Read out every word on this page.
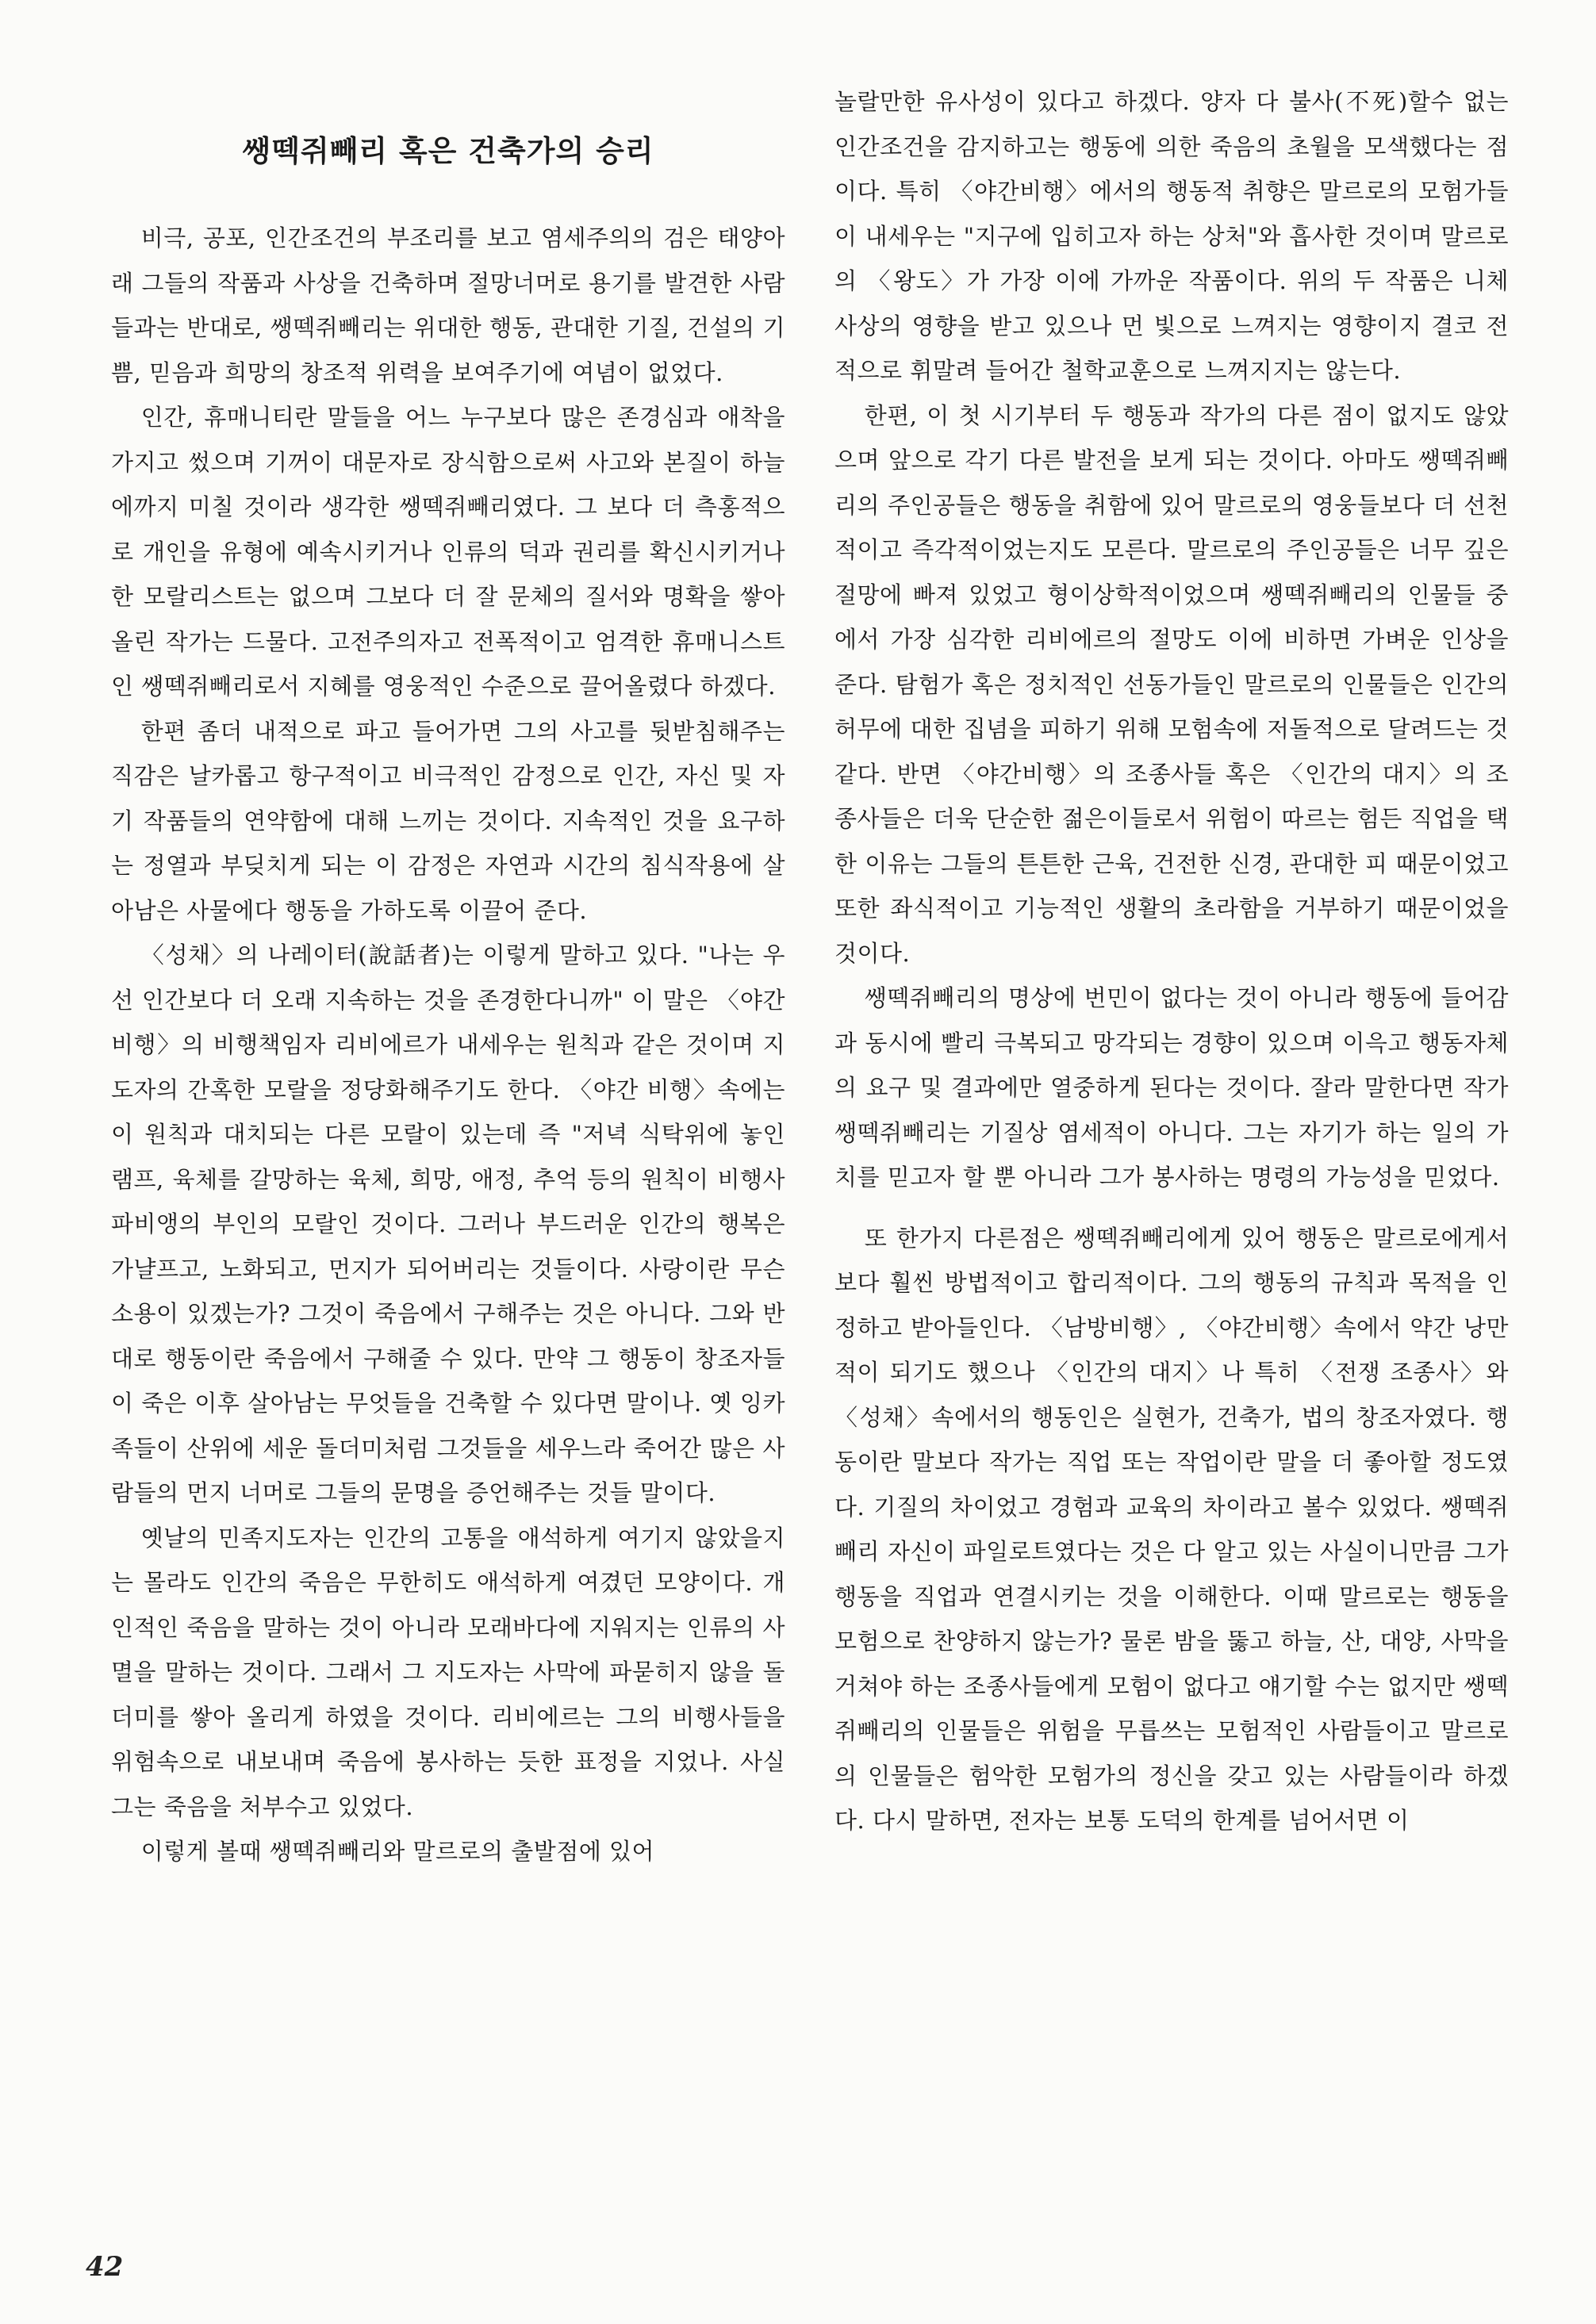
쌩떽쥐빼리 혹은 건축가의 승리

비극, 공포, 인간조건의 부조리를 보고 염세주의의 검은 태양아래 그들의 작품과 사상을 건축하며 절망너머로 용기를 발견한 사람들과는 반대로, 쌩떽쥐빼리는 위대한 행동, 관대한 기질, 건설의 기쁨, 믿음과 희망의 창조적 위력을 보여주기에 여념이 없었다.

인간, 휴매니티란 말들을 어느 누구보다 많은 존경심과 애착을 가지고 썼으며 기꺼이 대문자로 장식함으로써 사고와 본질이 하늘에까지 미칠 것이라 생각한 쌩떽쥐빼리였다. 그 보다 더 측홍적으로 개인을 유형에 예속시키거나 인류의 덕과 권리를 확신시키거나 한 모랄리스트는 없으며 그보다 더 잘 문체의 질서와 명확을 쌓아올린 작가는 드물다. 고전주의자고 전폭적이고 엄격한 휴매니스트인 쌩떽쥐빼리로서 지혜를 영웅적인 수준으로 끌어올렸다 하겠다.

한편 좀더 내적으로 파고 들어가면 그의 사고를 뒷받침해주는 직감은 날카롭고 항구적이고 비극적인 감정으로 인간, 자신 및 자기 작품들의 연약함에 대해 느끼는 것이다. 지속적인 것을 요구하는 정열과 부딪치게 되는 이 감정은 자연과 시간의 침식작용에 살아남은 사물에다 행동을 가하도록 이끌어 준다.

〈성채〉의 나레이터(說話者)는 이렇게 말하고 있다. "나는 우선 인간보다 더 오래 지속하는 것을 존경한다니까" 이 말은 〈야간비행〉의 비행책임자 리비에르가 내세우는 원칙과 같은 것이며 지도자의 간혹한 모랄을 정당화해주기도 한다. 〈야간 비행〉속에는 이 원칙과 대치되는 다른 모랄이 있는데 즉 "저녁 식탁위에 놓인 램프, 육체를 갈망하는 육체, 희망, 애정, 추억 등의 원칙이 비행사 파비앵의 부인의 모랄인 것이다. 그러나 부드러운 인간의 행복은 가냘프고, 노화되고, 먼지가 되어버리는 것들이다. 사랑이란 무슨 소용이 있겠는가? 그것이 죽음에서 구해주는 것은 아니다. 그와 반대로 행동이란 죽음에서 구해줄 수 있다. 만약 그 행동이 창조자들이 죽은 이후 살아남는 무엇들을 건축할 수 있다면 말이나. 옛 잉카족들이 산위에 세운 돌더미처럼 그것들을 세우느라 죽어간 많은 사람들의 먼지 너머로 그들의 문명을 증언해주는 것들 말이다.

옛날의 민족지도자는 인간의 고통을 애석하게 여기지 않았을지는 몰라도 인간의 죽음은 무한히도 애석하게 여겼던 모양이다. 개인적인 죽음을 말하는 것이 아니라 모래바다에 지워지는 인류의 사멸을 말하는 것이다. 그래서 그 지도자는 사막에 파묻히지 않을 돌더미를 쌓아 올리게 하였을 것이다. 리비에르는 그의 비행사들을 위험속으로 내보내며 죽음에 봉사하는 듯한 표정을 지었나. 사실 그는 죽음을 처부수고 있었다.

이렇게 볼때 쌩떽쥐빼리와 말르로의 출발점에 있어

놀랄만한 유사성이 있다고 하겠다. 양자 다 불사(不死)할수 없는 인간조건을 감지하고는 행동에 의한 죽음의 초월을 모색했다는 점이다. 특히 〈야간비행〉에서의 행동적 취향은 말르로의 모험가들이 내세우는 "지구에 입히고자 하는 상처"와 흡사한 것이며 말르로의 〈왕도〉가 가장 이에 가까운 작품이다. 위의 두 작품은 니체 사상의 영향을 받고 있으나 먼 빛으로 느껴지는 영향이지 결코 전적으로 휘말려 들어간 철학교훈으로 느껴지지는 않는다.

한편, 이 첫 시기부터 두 행동과 작가의 다른 점이 없지도 않았으며 앞으로 각기 다른 발전을 보게 되는 것이다. 아마도 쌩떽쥐빼리의 주인공들은 행동을 취함에 있어 말르로의 영웅들보다 더 선천적이고 즉각적이었는지도 모른다. 말르로의 주인공들은 너무 깊은 절망에 빠져 있었고 형이상학적이었으며 쌩떽쥐빼리의 인물들 중에서 가장 심각한 리비에르의 절망도 이에 비하면 가벼운 인상을 준다. 탐험가 혹은 정치적인 선동가들인 말르로의 인물들은 인간의 허무에 대한 집념을 피하기 위해 모험속에 저돌적으로 달려드는 것 같다. 반면 〈야간비행〉의 조종사들 혹은 〈인간의 대지〉의 조종사들은 더욱 단순한 젊은이들로서 위험이 따르는 험든 직업을 택한 이유는 그들의 튼튼한 근육, 건전한 신경, 관대한 피 때문이었고 또한 좌식적이고 기능적인 생활의 초라함을 거부하기 때문이었을 것이다.

쌩떽쥐빼리의 명상에 번민이 없다는 것이 아니라 행동에 들어감과 동시에 빨리 극복되고 망각되는 경향이 있으며 이윽고 행동자체의 요구 및 결과에만 열중하게 된다는 것이다. 잘라 말한다면 작가 쌩떽쥐빼리는 기질상 염세적이 아니다. 그는 자기가 하는 일의 가치를 믿고자 할 뿐 아니라 그가 봉사하는 명령의 가능성을 믿었다.

또 한가지 다른점은 쌩떽쥐빼리에게 있어 행동은 말르로에게서보다 훨씬 방법적이고 합리적이다. 그의 행동의 규칙과 목적을 인정하고 받아들인다. 〈남방비행〉, 〈야간비행〉속에서 약간 낭만적이 되기도 했으나 〈인간의 대지〉나 특히 〈전쟁 조종사〉와 〈성채〉속에서의 행동인은 실현가, 건축가, 법의 창조자였다. 행동이란 말보다 작가는 직업 또는 작업이란 말을 더 좋아할 정도였다. 기질의 차이었고 경험과 교육의 차이라고 볼수 있었다. 쌩떽쥐빼리 자신이 파일로트였다는 것은 다 알고 있는 사실이니만큼 그가 행동을 직업과 연결시키는 것을 이해한다. 이때 말르로는 행동을 모험으로 찬양하지 않는가? 물론 밤을 뚫고 하늘, 산, 대양, 사막을 거쳐야 하는 조종사들에게 모험이 없다고 얘기할 수는 없지만 쌩떽쥐빼리의 인물들은 위험을 무릅쓰는 모험적인 사람들이고 말르로의 인물들은 험악한 모험가의 정신을 갖고 있는 사람들이라 하겠다. 다시 말하면, 전자는 보통 도덕의 한계를 넘어서면 이

42
